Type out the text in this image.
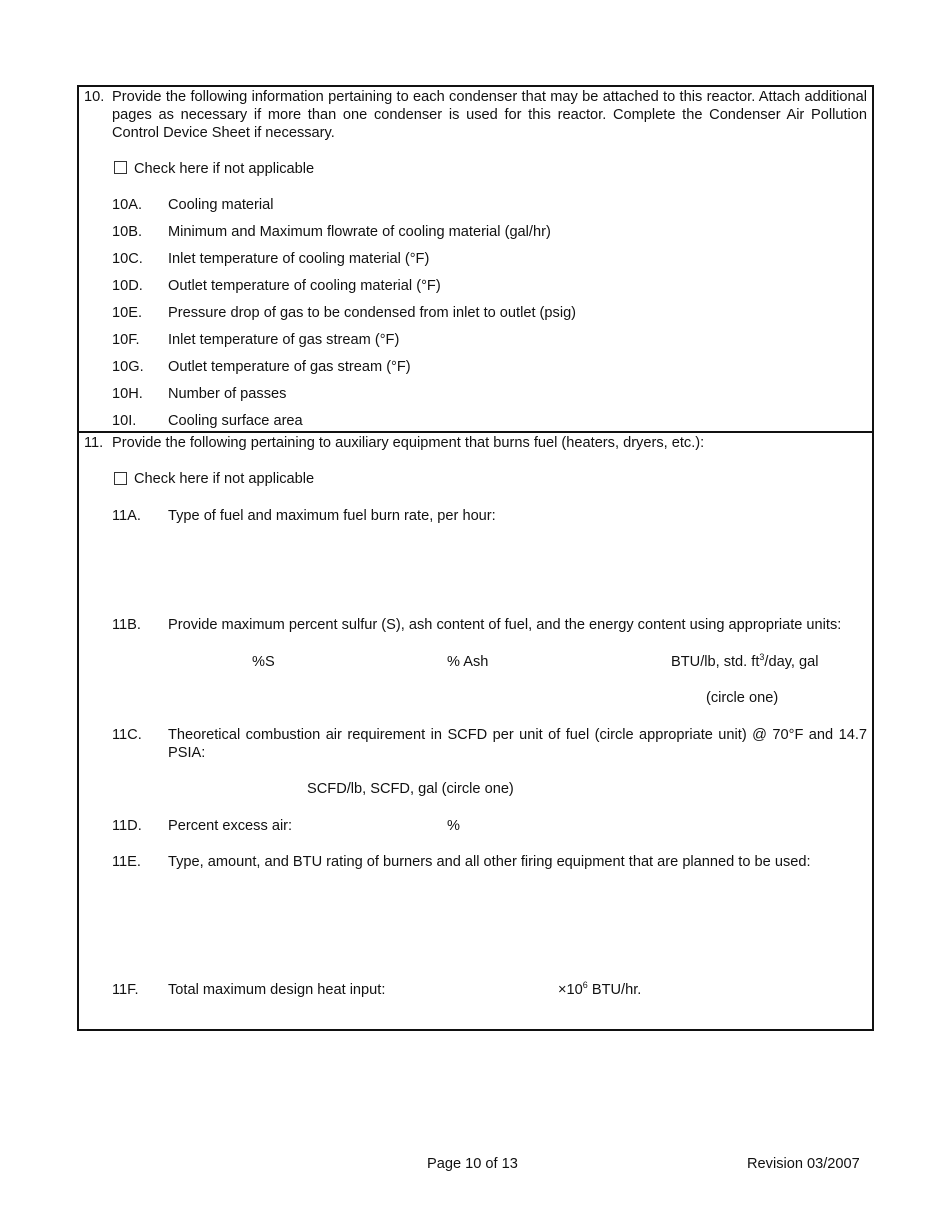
10. Provide the following information pertaining to each condenser that may be attached to this reactor. Attach additional pages as necessary if more than one condenser is used for this reactor. Complete the Condenser Air Pollution Control Device Sheet if necessary.
Check here if not applicable
10A. Cooling material
10B. Minimum and Maximum flowrate of cooling material (gal/hr)
10C. Inlet temperature of cooling material (°F)
10D. Outlet temperature of cooling material (°F)
10E. Pressure drop of gas to be condensed from inlet to outlet (psig)
10F. Inlet temperature of gas stream (°F)
10G. Outlet temperature of gas stream (°F)
10H. Number of passes
10I. Cooling surface area
11. Provide the following pertaining to auxiliary equipment that burns fuel (heaters, dryers, etc.):
Check here if not applicable
11A. Type of fuel and maximum fuel burn rate, per hour:
11B. Provide maximum percent sulfur (S), ash content of fuel, and the energy content using appropriate units:
%S	% Ash	BTU/lb, std. $ft^3$/day, gal
(circle one)
11C. Theoretical combustion air requirement in SCFD per unit of fuel (circle appropriate unit) @ 70°F and 14.7 PSIA:
SCFD/lb, SCFD, gal (circle one)
11D. Percent excess air:	%
11E. Type, amount, and BTU rating of burners and all other firing equipment that are planned to be used:
11F. Total maximum design heat input:	$\times 10^6$ BTU/hr.
Page 10 of 13	Revision 03/2007
